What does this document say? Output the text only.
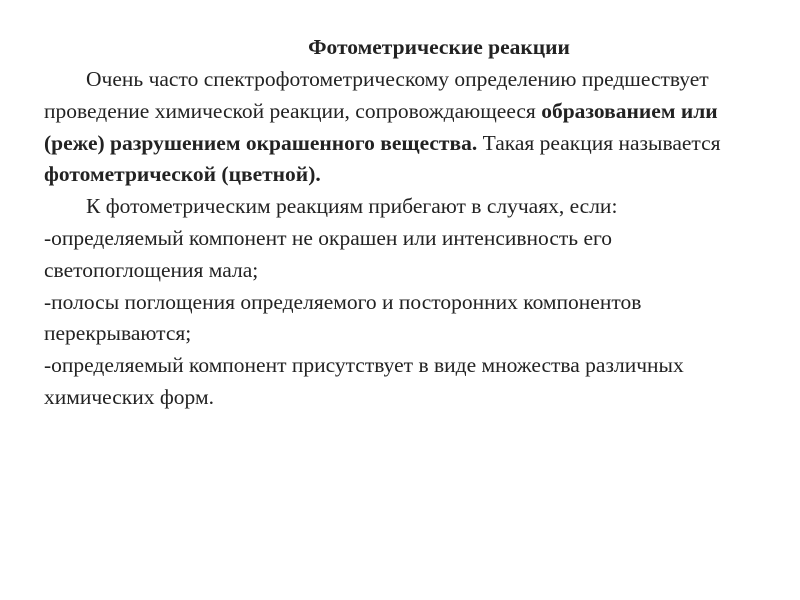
Фотометрические реакции

Очень часто спектрофотометрическому определению предшествует проведение химической реакции, сопровождающееся образованием или (реже) разрушением окрашенного вещества. Такая реакция называется фотометрической (цветной).

К фотометрическим реакциям прибегают в случаях, если:

-определяемый компонент не окрашен или интенсивность его светопоглощения мала;

-полосы поглощения определяемого и посторонних компонентов перекрываются;

-определяемый компонент присутствует в виде множества различных химических форм.
